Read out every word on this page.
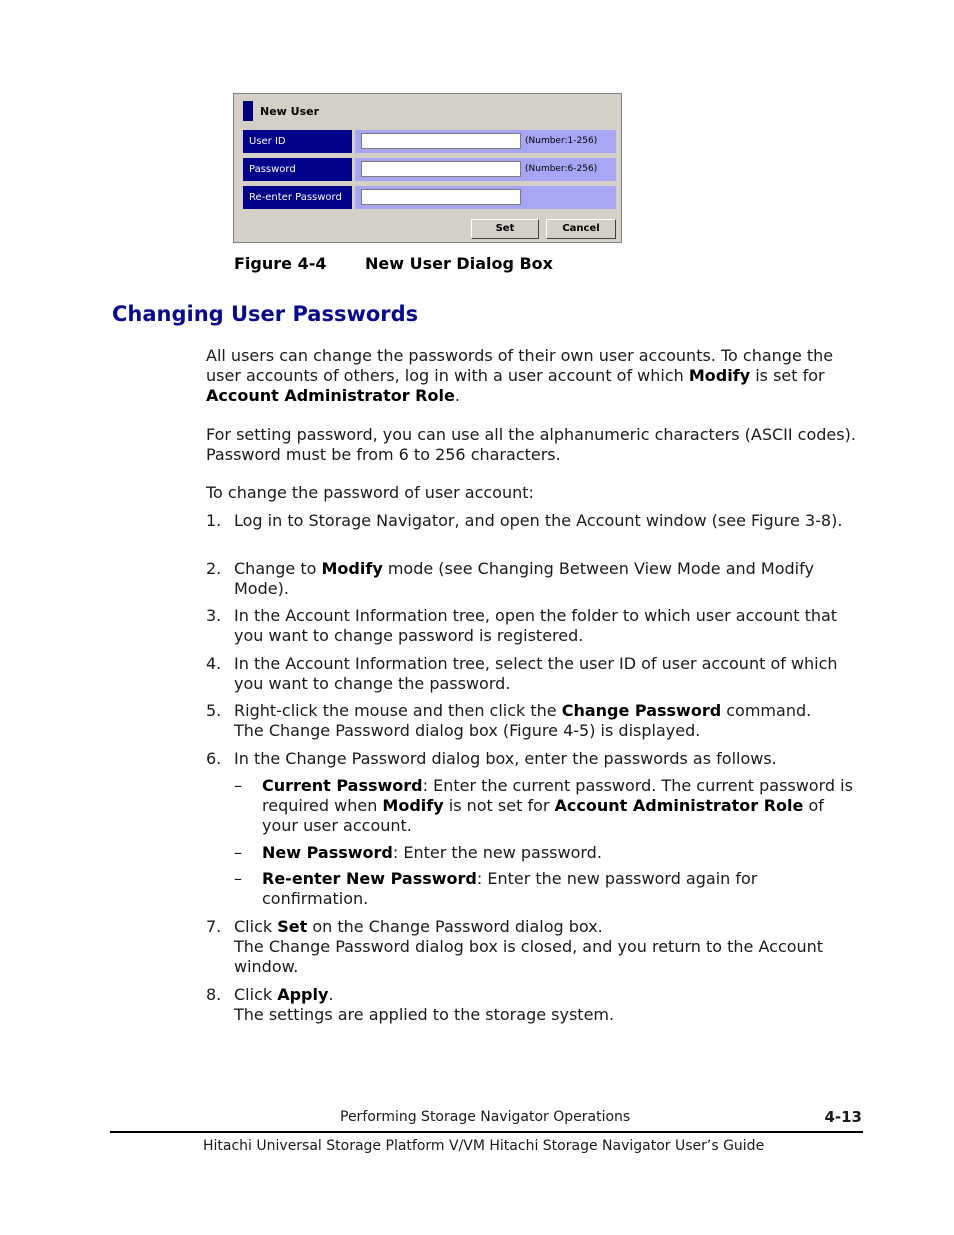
New User
User ID	(Number:1-256)
Password	(Number:6-256)
Re-enter Password
Set	Cancel
Figure 4-4 New User Dialog Box
Changing User Passwords

All users can change the passwords of their own user accounts. To change the user accounts of others, log in with a user account of which Modify is set for Account Administrator Role.

For setting password, you can use all the alphanumeric characters (ASCII codes). Password must be from 6 to 256 characters.

To change the password of user account:

1. Log in to Storage Navigator, and open the Account window (see Figure 3-8).
2. Change to Modify mode (see Changing Between View Mode and Modify Mode).
3. In the Account Information tree, open the folder to which user account that you want to change password is registered.
4. In the Account Information tree, select the user ID of user account of which you want to change the password.
5. Right-click the mouse and then click the Change Password command.
The Change Password dialog box (Figure 4-5) is displayed.
6. In the Change Password dialog box, enter the passwords as follows.
– Current Password: Enter the current password. The current password is required when Modify is not set for Account Administrator Role of your user account.
– New Password: Enter the new password.
– Re-enter New Password: Enter the new password again for confirmation.
7. Click Set on the Change Password dialog box.
The Change Password dialog box is closed, and you return to the Account window.
8. Click Apply.
The settings are applied to the storage system.
Performing Storage Navigator Operations	4-13
Hitachi Universal Storage Platform V/VM Hitachi Storage Navigator User’s Guide
